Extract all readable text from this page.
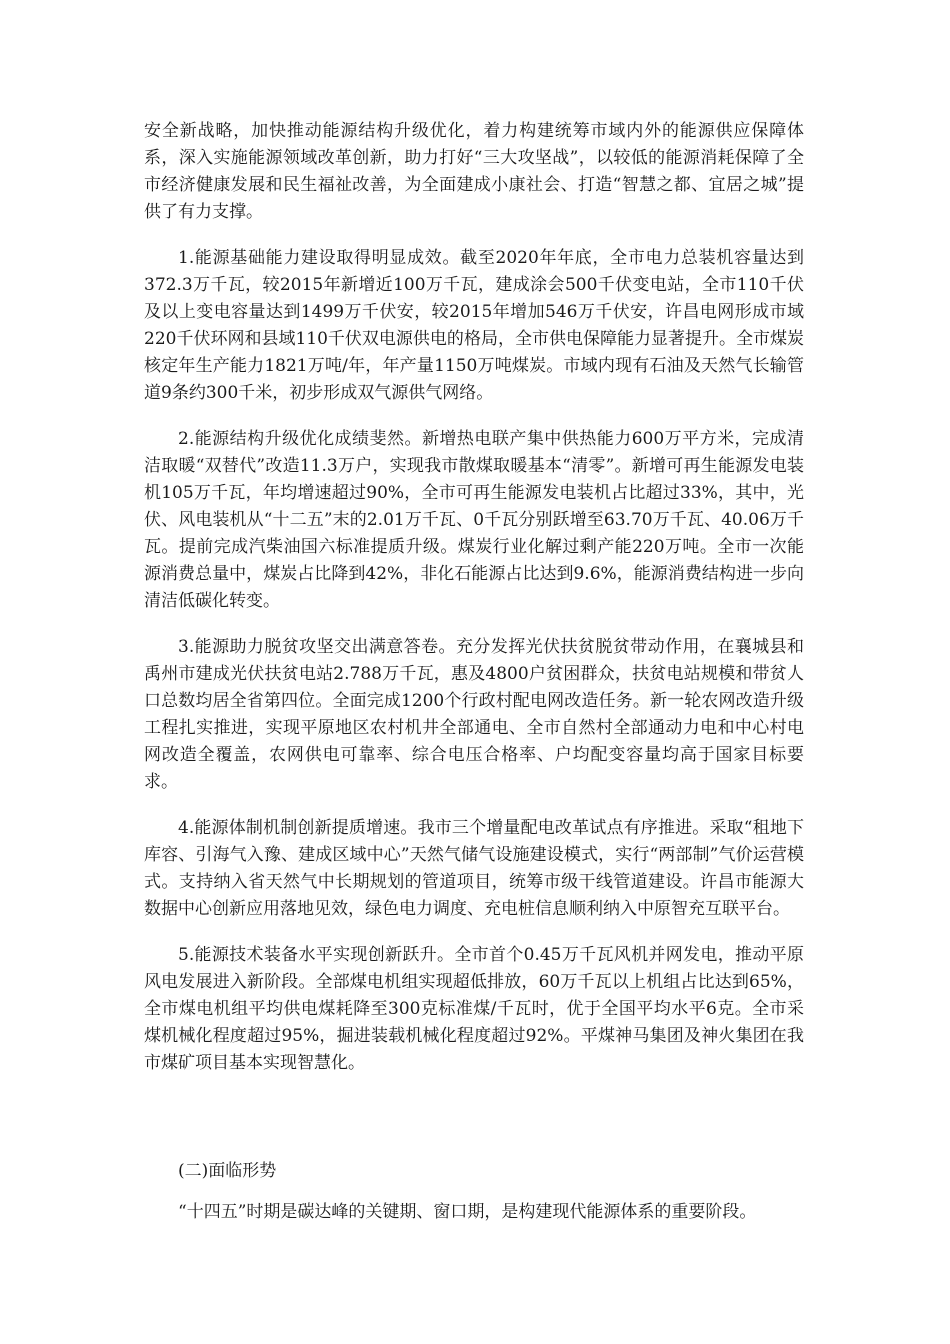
安全新战略，加快推动能源结构升级优化，着力构建统筹市域内外的能源供应保障体系，深入实施能源领域改革创新，助力打好“三大攻坚战”，以较低的能源消耗保障了全市经济健康发展和民生福祉改善，为全面建成小康社会、打造“智慧之都、宜居之城”提供了有力支撑。

1.能源基础能力建设取得明显成效。截至2020年年底，全市电力总装机容量达到372.3万千瓦，较2015年新增近100万千瓦，建成涂会500千伏变电站，全市110千伏及以上变电容量达到1499万千伏安，较2015年增加546万千伏安，许昌电网形成市域220千伏环网和县域110千伏双电源供电的格局，全市供电保障能力显著提升。全市煤炭核定年生产能力1821万吨/年，年产量1150万吨煤炭。市域内现有石油及天然气长输管道9条约300千米，初步形成双气源供气网络。

2.能源结构升级优化成绩斐然。新增热电联产集中供热能力600万平方米，完成清洁取暖“双替代”改造11.3万户，实现我市散煤取暖基本“清零”。新增可再生能源发电装机105万千瓦，年均增速超过90%，全市可再生能源发电装机占比超过33%，其中，光伏、风电装机从“十二五”末的2.01万千瓦、0千瓦分别跃增至63.70万千瓦、40.06万千瓦。提前完成汽柴油国六标准提质升级。煤炭行业化解过剩产能220万吨。全市一次能源消费总量中，煤炭占比降到42%，非化石能源占比达到9.6%，能源消费结构进一步向清洁低碳化转变。

3.能源助力脱贫攻坚交出满意答卷。充分发挥光伏扶贫脱贫带动作用，在襄城县和禹州市建成光伏扶贫电站2.788万千瓦，惠及4800户贫困群众，扶贫电站规模和带贫人口总数均居全省第四位。全面完成1200个行政村配电网改造任务。新一轮农网改造升级工程扎实推进，实现平原地区农村机井全部通电、全市自然村全部通动力电和中心村电网改造全覆盖，农网供电可靠率、综合电压合格率、户均配变容量均高于国家目标要求。

4.能源体制机制创新提质增速。我市三个增量配电改革试点有序推进。采取“租地下库容、引海气入豫、建成区域中心”天然气储气设施建设模式，实行“两部制”气价运营模式。支持纳入省天然气中长期规划的管道项目，统筹市级干线管道建设。许昌市能源大数据中心创新应用落地见效，绿色电力调度、充电桩信息顺利纳入中原智充互联平台。

5.能源技术装备水平实现创新跃升。全市首个0.45万千瓦风机并网发电，推动平原风电发展进入新阶段。全部煤电机组实现超低排放，60万千瓦以上机组占比达到65%，全市煤电机组平均供电煤耗降至300克标准煤/千瓦时，优于全国平均水平6克。全市采煤机械化程度超过95%，掘进装载机械化程度超过92%。平煤神马集团及神火集团在我市煤矿项目基本实现智慧化。

(二)面临形势

“十四五”时期是碳达峰的关键期、窗口期，是构建现代能源体系的重要阶段。
